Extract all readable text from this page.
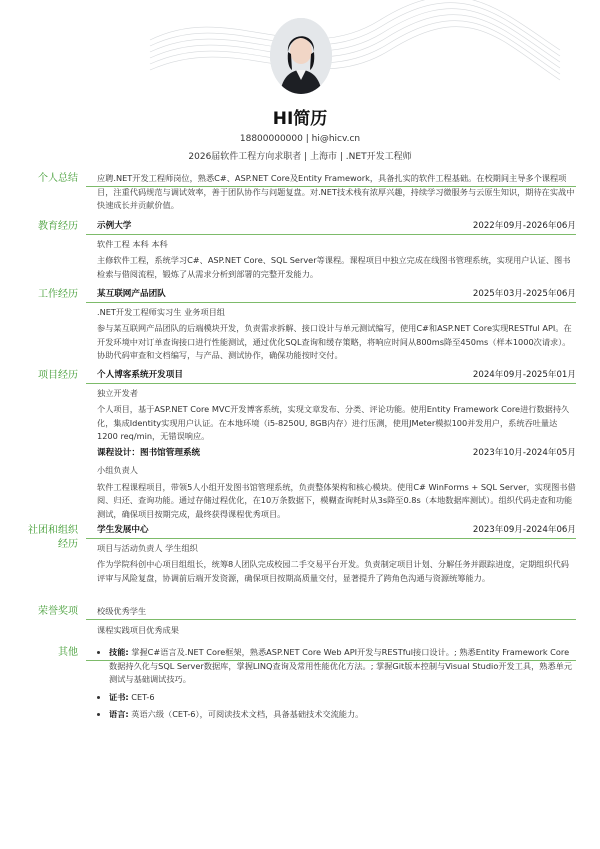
HI简历
18800000000 | hi@hicv.cn
2026届软件工程方向求职者 | 上海市 | .NET开发工程师
个人总结 应聘.NET开发工程师岗位，熟悉C#、ASP.NET Core及Entity Framework，具备扎实的软件工程基础。在校期间主导多个课程项目，注重代码规范与调试效率，善于团队协作与问题复盘。对.NET技术栈有浓厚兴趣，持续学习微服务与云原生知识，期待在实战中快速成长并贡献价值。

教育经历 示例大学	2022年09月-2026年06月

软件工程 本科 本科

主修软件工程，系统学习C#、ASP.NET Core、SQL Server等课程。课程项目中独立完成在线图书管理系统，实现用户认证、图书检索与借阅流程，锻炼了从需求分析到部署的完整开发能力。

工作经历 某互联网产品团队	2025年03月-2025年06月

.NET开发工程师实习生 业务项目组

参与某互联网产品团队的后端模块开发，负责需求拆解、接口设计与单元测试编写，使用C#和ASP.NET Core实现RESTful API。在开发环境中对订单查询接口进行性能测试，通过优化SQL查询和缓存策略，将响应时间从800ms降至450ms（样本1000次请求）。协助代码审查和文档编写，与产品、测试协作，确保功能按时交付。

项目经历 个人博客系统开发项目	2024年09月-2025年01月

独立开发者

个人项目，基于ASP.NET Core MVC开发博客系统，实现文章发布、分类、评论功能。使用Entity Framework Core进行数据持久化，集成Identity实现用户认证。在本地环境（i5-8250U, 8GB内存）进行压测，使用JMeter模拟100并发用户，系统吞吐量达1200 req/min，无错误响应。

课程设计：图书馆管理系统	2023年10月-2024年05月

小组负责人

软件工程课程项目，带领5人小组开发图书馆管理系统，负责整体架构和核心模块。使用C# WinForms + SQL Server，实现图书借阅、归还、查询功能。通过存储过程优化，在10万条数据下，模糊查询耗时从3s降至0.8s（本地数据库测试）。组织代码走查和功能测试，确保项目按期完成，最终获得课程优秀项目。

社团和组织经历
学生发展中心	2023年09月-2024年06月

项目与活动负责人 学生组织

作为学院科创中心项目组组长，统筹8人团队完成校园二手交易平台开发。负责制定项目计划、分解任务并跟踪进度，定期组织代码评审与风险复盘，协调前后端开发资源，确保项目按期高质量交付，显著提升了跨角色沟通与资源统筹能力。

荣誉奖项 校级优秀学生

课程实践项目优秀成果

其他
•	技能: 掌握C#语言及.NET Core框架，熟悉ASP.NET Core Web API开发与RESTful接口设计。; 熟悉Entity Framework Core数据持久化与SQL Server数据库，掌握LINQ查询及常用性能优化方法。; 掌握Git版本控制与Visual Studio开发工具，熟悉单元测试与基础调试技巧。
• 证书: CET-6
• 语言: 英语六级（CET-6），可阅读技术文档，具备基础技术交流能力。
